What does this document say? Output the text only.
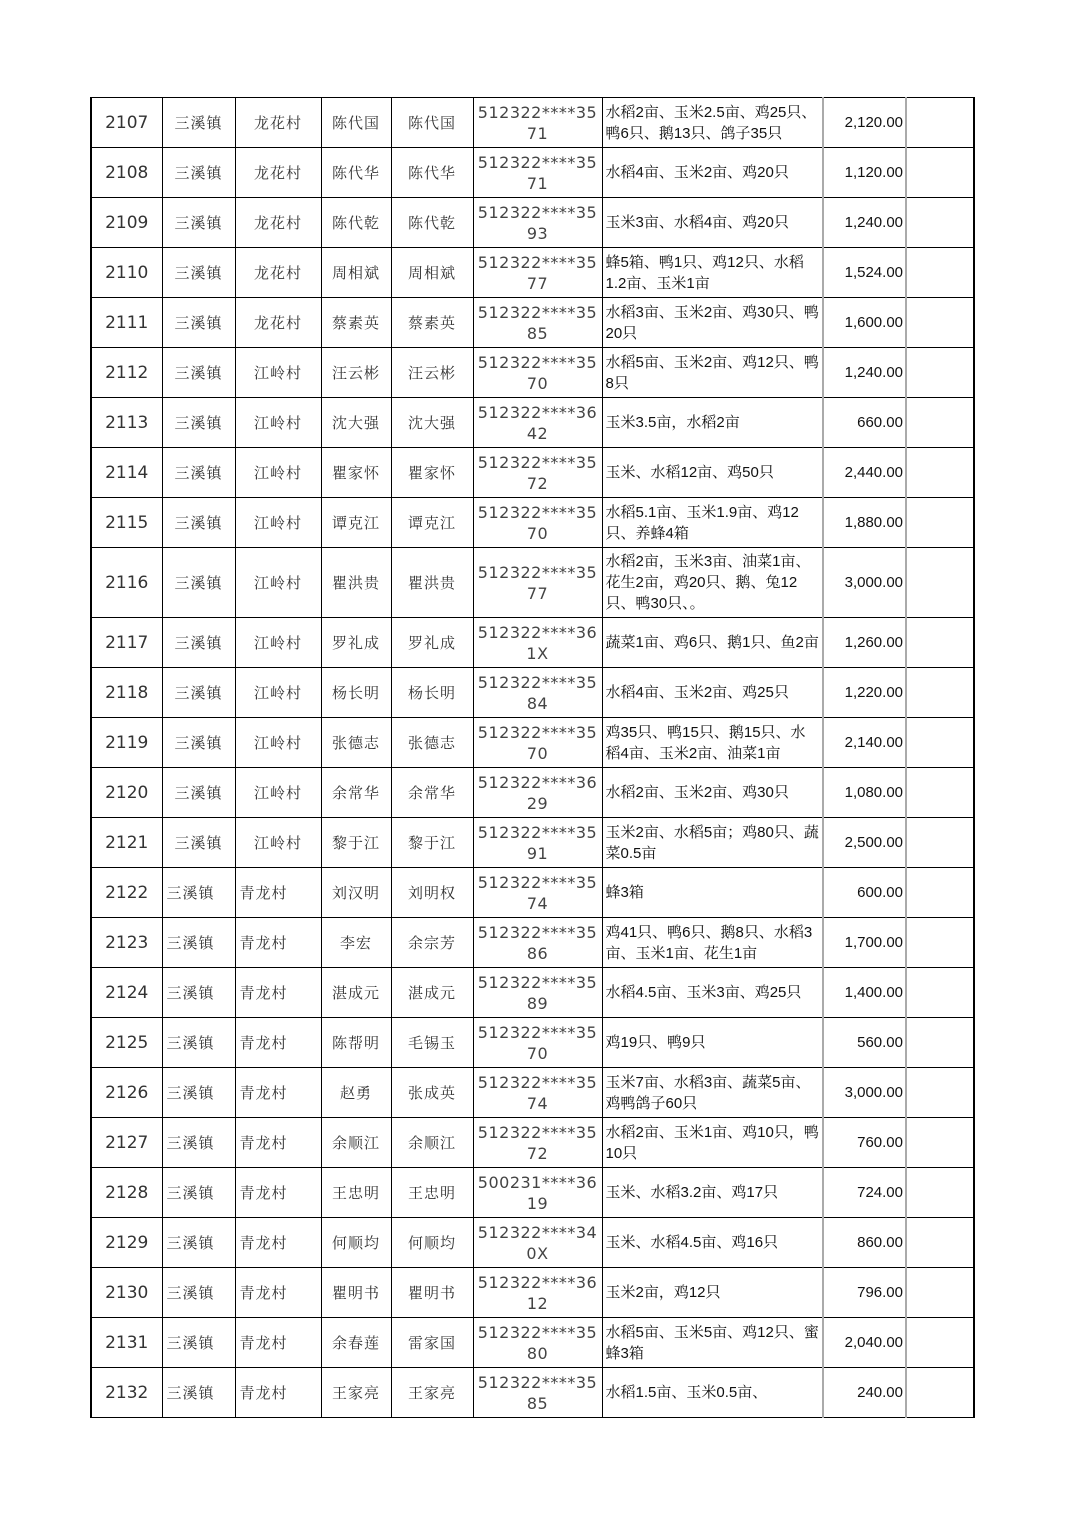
2107	三溪镇	龙花村	陈代国	陈代国	512322****3571	水稻2亩、玉米2.5亩、鸡25只、鸭6只、鹅13只、鸽子35只	2,120.00	
2108	三溪镇	龙花村	陈代华	陈代华	512322****3571	水稻4亩、玉米2亩、鸡20只	1,120.00	
2109	三溪镇	龙花村	陈代乾	陈代乾	512322****3593	玉米3亩、水稻4亩、鸡20只	1,240.00	
2110	三溪镇	龙花村	周相斌	周相斌	512322****3577	蜂5箱、鸭1只、鸡12只、水稻1.2亩、玉米1亩	1,524.00	
2111	三溪镇	龙花村	蔡素英	蔡素英	512322****3585	水稻3亩、玉米2亩、鸡30只、鸭20只	1,600.00	
2112	三溪镇	江岭村	汪云彬	汪云彬	512322****3570	水稻5亩、玉米2亩、鸡12只、鸭8只	1,240.00	
2113	三溪镇	江岭村	沈大强	沈大强	512322****3642	玉米3.5亩，水稻2亩	660.00	
2114	三溪镇	江岭村	瞿家怀	瞿家怀	512322****3572	玉米、水稻12亩、鸡50只	2,440.00	
2115	三溪镇	江岭村	谭克江	谭克江	512322****3570	水稻5.1亩、玉米1.9亩、鸡12只、养蜂4箱	1,880.00	
2116	三溪镇	江岭村	瞿洪贵	瞿洪贵	512322****3577	水稻2亩，玉米3亩、油菜1亩、花生2亩，鸡20只、鹅、兔12只、鸭30只、。	3,000.00	
2117	三溪镇	江岭村	罗礼成	罗礼成	512322****361X	蔬菜1亩、鸡6只、鹅1只、鱼2亩	1,260.00	
2118	三溪镇	江岭村	杨长明	杨长明	512322****3584	水稻4亩、玉米2亩、鸡25只	1,220.00	
2119	三溪镇	江岭村	张德志	张德志	512322****3570	鸡35只、鸭15只、鹅15只、水稻4亩、玉米2亩、油菜1亩	2,140.00	
2120	三溪镇	江岭村	余常华	余常华	512322****3629	水稻2亩、玉米2亩、鸡30只	1,080.00	
2121	三溪镇	江岭村	黎于江	黎于江	512322****3591	玉米2亩、水稻5亩；鸡80只、蔬菜0.5亩	2,500.00	
2122	三溪镇	青龙村	刘汉明	刘明权	512322****3574	蜂3箱	600.00	
2123	三溪镇	青龙村	李宏	余宗芳	512322****3586	鸡41只、鸭6只、鹅8只、水稻3亩、玉米1亩、花生1亩	1,700.00	
2124	三溪镇	青龙村	湛成元	湛成元	512322****3589	水稻4.5亩、玉米3亩、鸡25只	1,400.00	
2125	三溪镇	青龙村	陈帮明	毛锡玉	512322****3570	鸡19只、鸭9只	560.00	
2126	三溪镇	青龙村	赵勇	张成英	512322****3574	玉米7亩、水稻3亩、蔬菜5亩、鸡鸭鸽子60只	3,000.00	
2127	三溪镇	青龙村	余顺江	余顺江	512322****3572	水稻2亩、玉米1亩、鸡10只，鸭10只	760.00	
2128	三溪镇	青龙村	王忠明	王忠明	500231****3619	玉米、水稻3.2亩、鸡17只	724.00	
2129	三溪镇	青龙村	何顺均	何顺均	512322****340X	玉米、水稻4.5亩、鸡16只	860.00	
2130	三溪镇	青龙村	瞿明书	瞿明书	512322****3612	玉米2亩，鸡12只	796.00	
2131	三溪镇	青龙村	余春莲	雷家国	512322****3580	水稻5亩、玉米5亩、鸡12只、蜜蜂3箱	2,040.00	
2132	三溪镇	青龙村	王家亮	王家亮	512322****3585	水稻1.5亩、玉米0.5亩、	240.00	
